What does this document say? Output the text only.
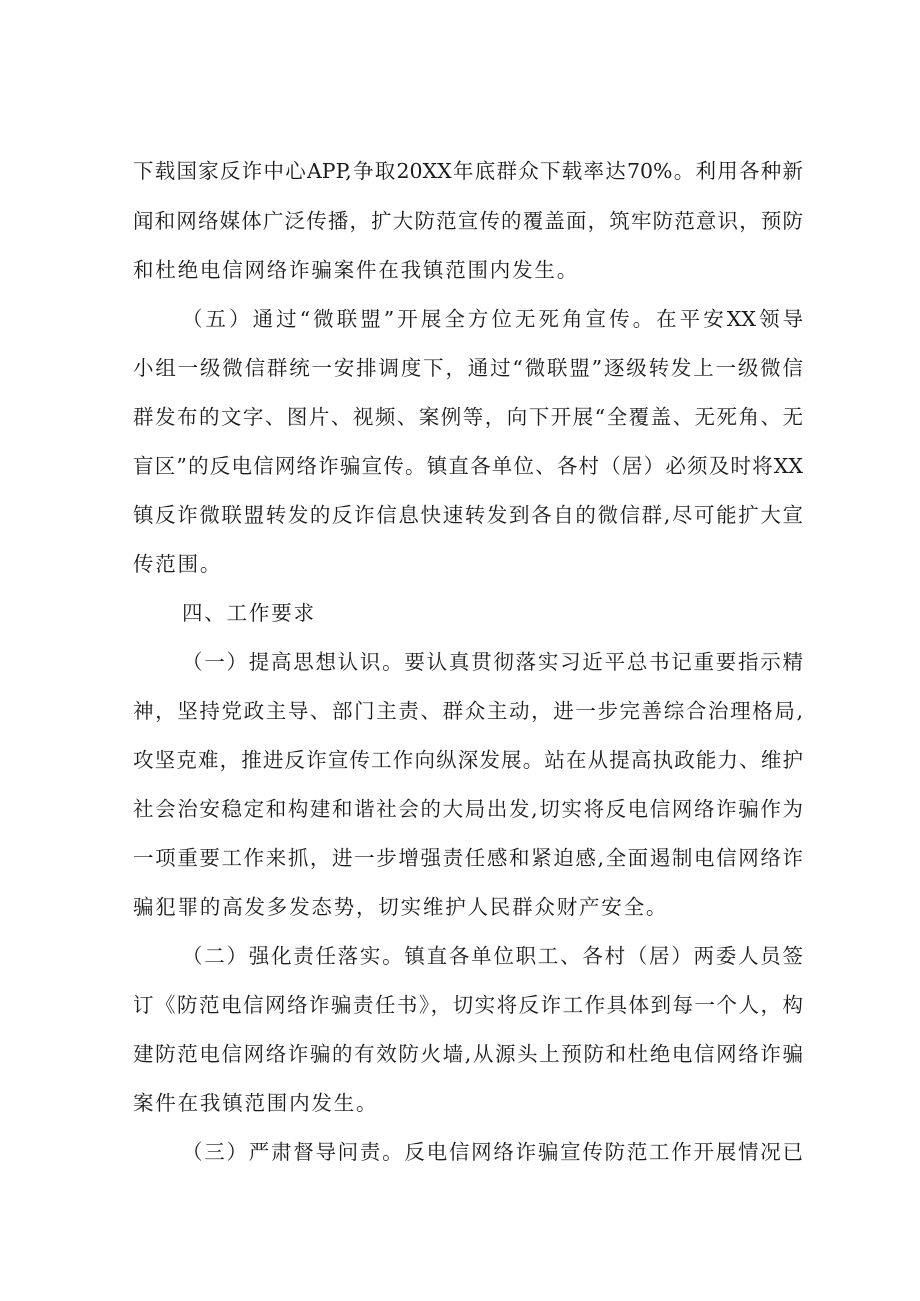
下载国家反诈中心APP,争取20XX年底群众下载率达70%。利用各种新
闻和网络媒体广泛传播，扩大防范宣传的覆盖面，筑牢防范意识，预防
和杜绝电信网络诈骗案件在我镇范围内发生。
（五）通过“微联盟”开展全方位无死角宣传。在平安XX领导
小组一级微信群统一安排调度下，通过“微联盟”逐级转发上一级微信
群发布的文字、图片、视频、案例等，向下开展“全覆盖、无死角、无
盲区”的反电信网络诈骗宣传。镇直各单位、各村（居）必须及时将XX
镇反诈微联盟转发的反诈信息快速转发到各自的微信群,尽可能扩大宣
传范围。
四、工作要求
（一）提高思想认识。要认真贯彻落实习近平总书记重要指示精
神，坚持党政主导、部门主责、群众主动，进一步完善综合治理格局,
攻坚克难，推进反诈宣传工作向纵深发展。站在从提高执政能力、维护
社会治安稳定和构建和谐社会的大局出发,切实将反电信网络诈骗作为
一项重要工作来抓，进一步增强责任感和紧迫感,全面遏制电信网络诈
骗犯罪的高发多发态势，切实维护人民群众财产安全。
（二）强化责任落实。镇直各单位职工、各村（居）两委人员签
订《防范电信网络诈骗责任书》，切实将反诈工作具体到每一个人，构
建防范电信网络诈骗的有效防火墙,从源头上预防和杜绝电信网络诈骗
案件在我镇范围内发生。
（三）严肃督导问责。反电信网络诈骗宣传防范工作开展情况已
